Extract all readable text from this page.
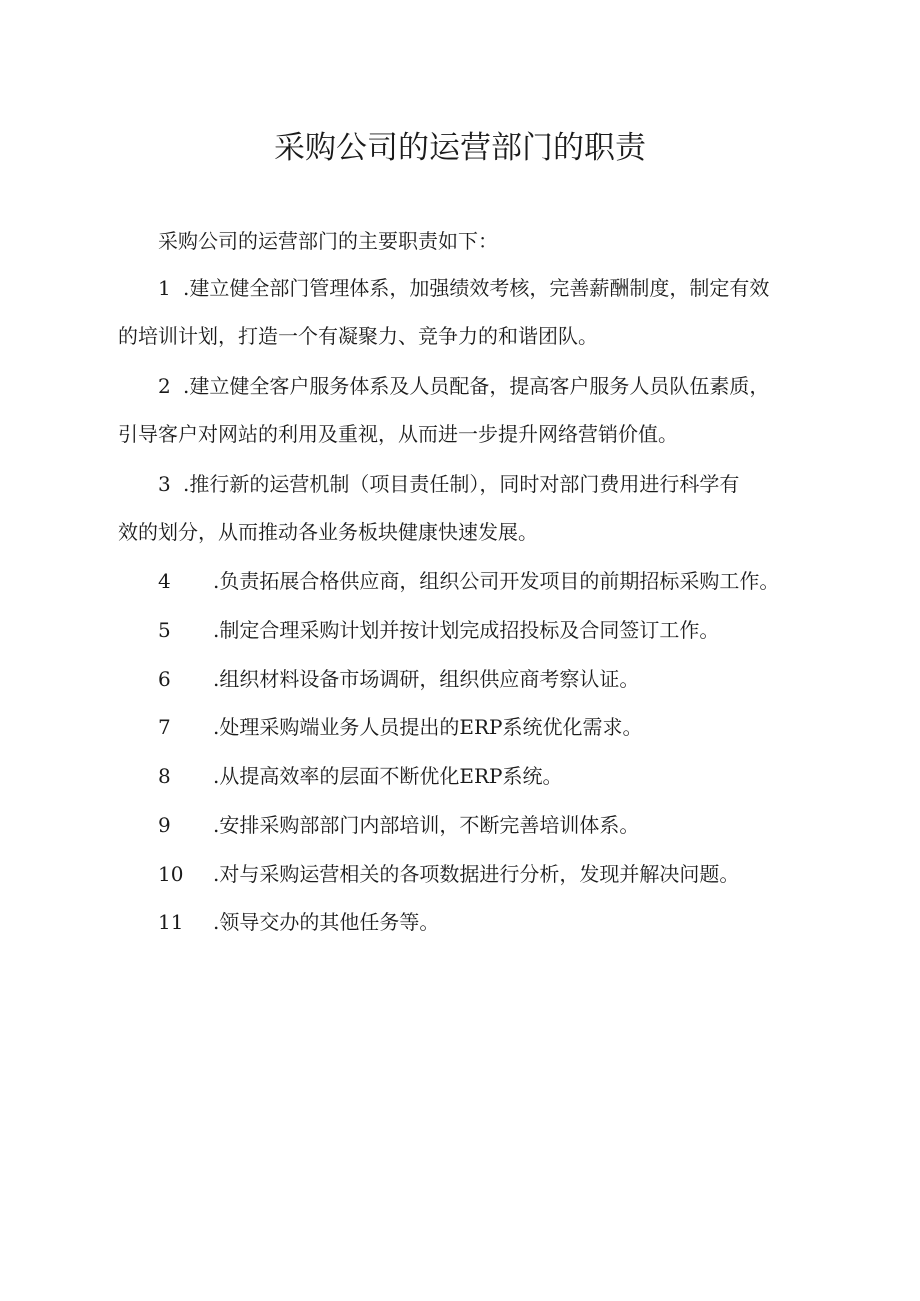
采购公司的运营部门的职责
采购公司的运营部门的主要职责如下：
1 .建立健全部门管理体系，加强绩效考核，完善薪酬制度，制定有效
的培训计划，打造一个有凝聚力、竞争力的和谐团队。
2 .建立健全客户服务体系及人员配备，提高客户服务人员队伍素质，
引导客户对网站的利用及重视，从而进一步提升网络营销价值。
3 .推行新的运营机制（项目责任制），同时对部门费用进行科学有
效的划分，从而推动各业务板块健康快速发展。
4 .负责拓展合格供应商，组织公司开发项目的前期招标采购工作。
5 .制定合理采购计划并按计划完成招投标及合同签订工作。
6 .组织材料设备市场调研，组织供应商考察认证。
7 .处理采购端业务人员提出的ERP系统优化需求。
8 .从提高效率的层面不断优化ERP系统。
9 .安排采购部部门内部培训，不断完善培训体系。
10 .对与采购运营相关的各项数据进行分析，发现并解决问题。
11 .领导交办的其他任务等。
